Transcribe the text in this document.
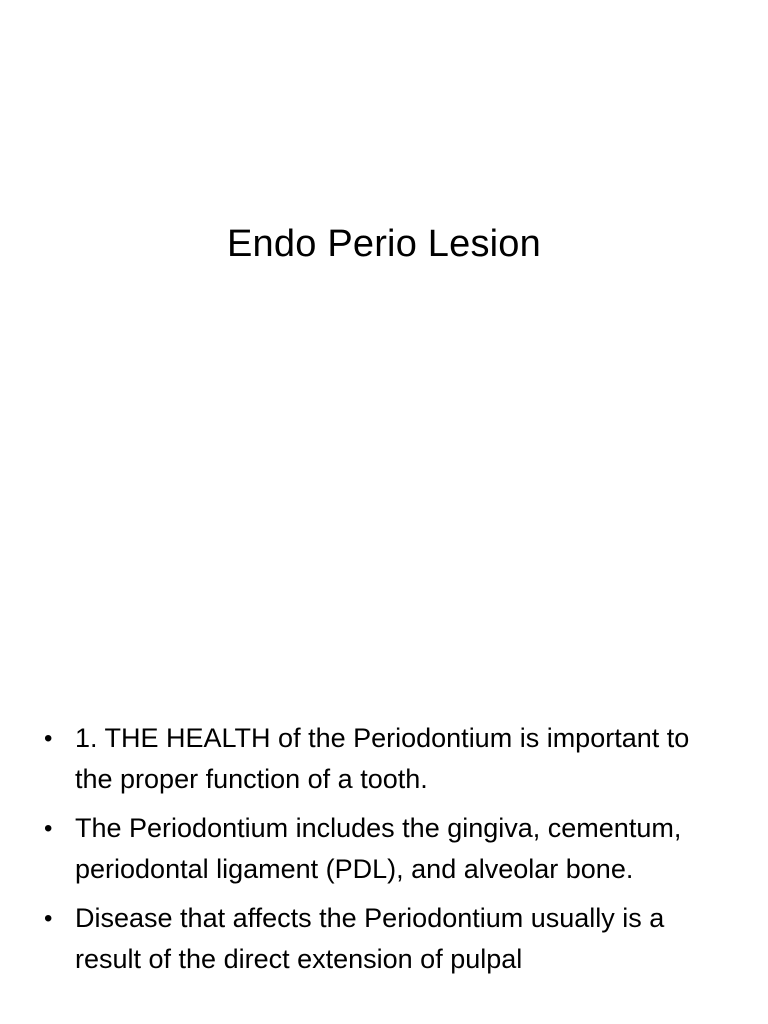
Endo Perio Lesion
• 1. THE HEALTH of the Periodontium is important to the proper function of a tooth.
• The Periodontium includes the gingiva, cementum, periodontal ligament (PDL), and alveolar bone.
• Disease that affects the Periodontium usually is a result of the direct extension of pulpal
